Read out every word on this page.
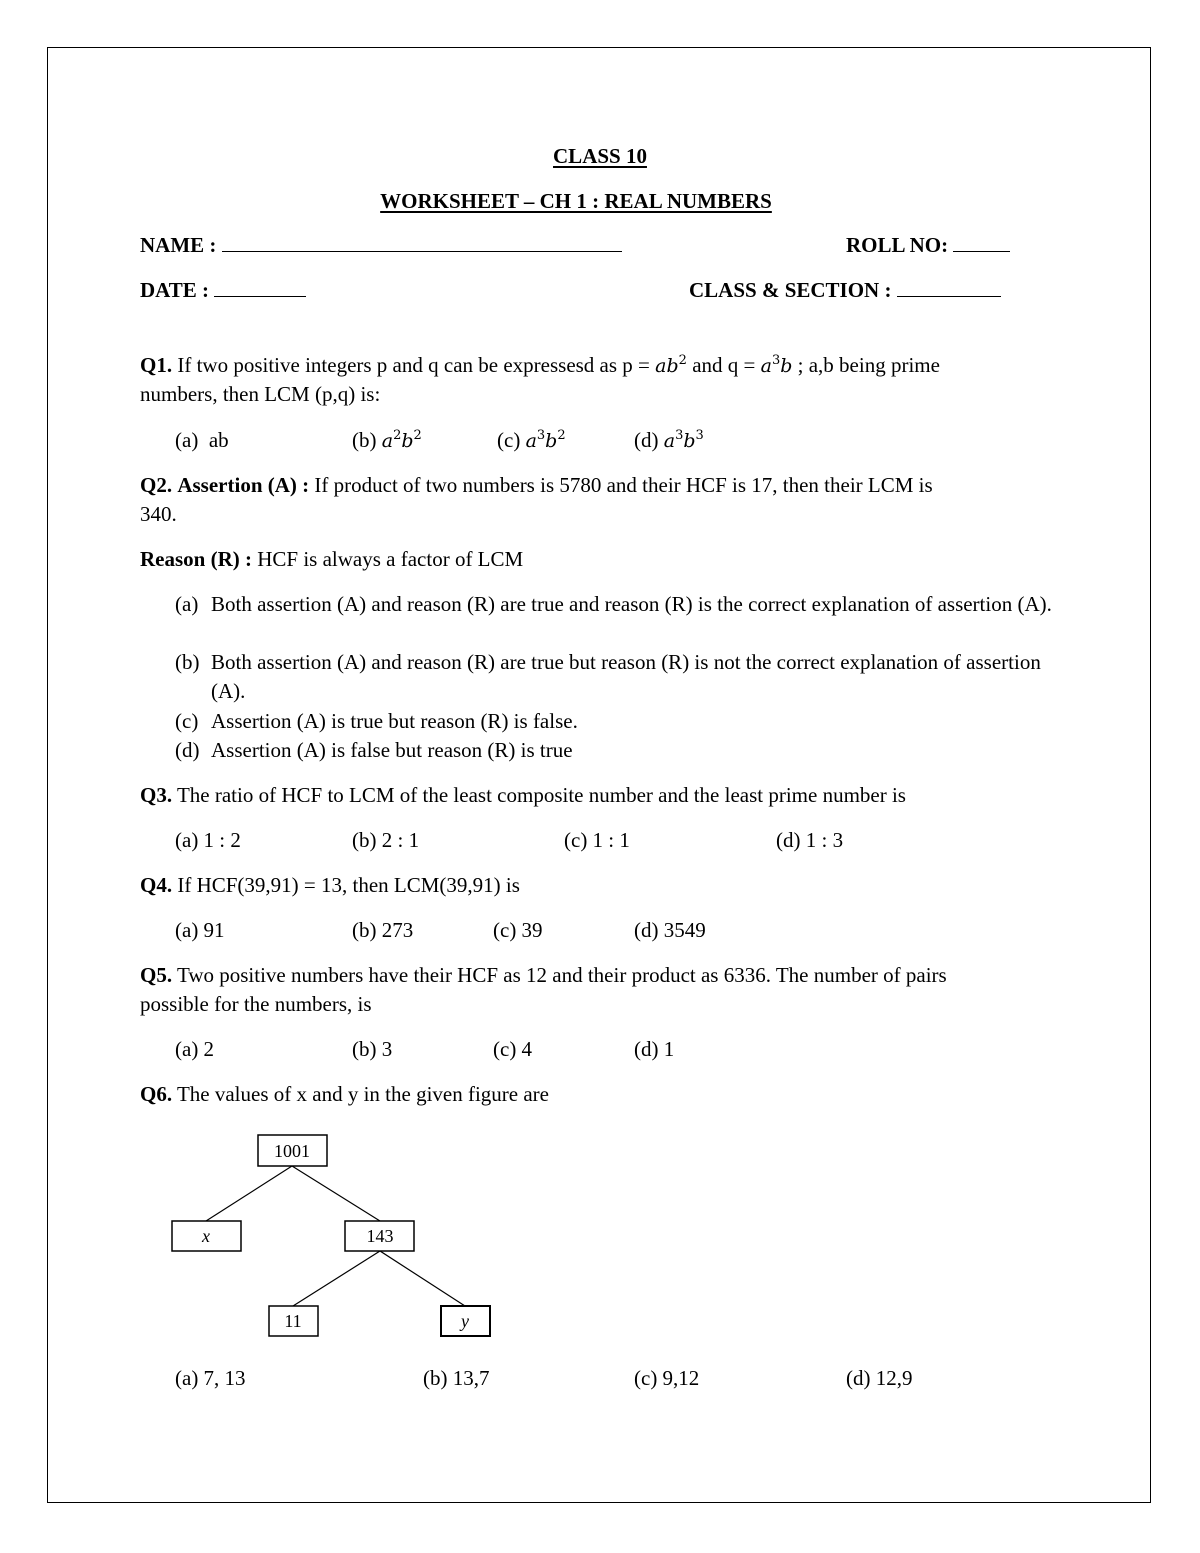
CLASS 10
WORKSHEET – CH 1 : REAL NUMBERS
NAME :	ROLL NO:
DATE :	CLASS & SECTION :
Q1. If two positive integers p and q can be expressesd as $p = ab^2$ and $q = a^3b$ ; a,b being prime
numbers, then LCM (p,q) is:
(a) ab	(b) $a^2b^2$	(c) $a^3b^2$	(d) $a^3b^3$
Q2. Assertion (A) : If product of two numbers is 5780 and their HCF is 17, then their LCM is
340.
Reason (R) : HCF is always a factor of LCM
(a) Both assertion (A) and reason (R) are true and reason (R) is the correct explanation of assertion (A).
(b) Both assertion (A) and reason (R) are true but reason (R) is not the correct explanation of assertion (A).
(c) Assertion (A) is true but reason (R) is false.
(d) Assertion (A) is false but reason (R) is true
Q3. The ratio of HCF to LCM of the least composite number and the least prime number is
(a) 1 : 2	(b) 2 : 1	(c) 1 : 1	(d) 1 : 3
Q4. If HCF(39,91) = 13, then LCM(39,91) is
(a) 91	(b) 273	(c) 39	(d) 3549
Q5. Two positive numbers have their HCF as 12 and their product as 6336. The number of pairs
possible for the numbers, is
(a) 2	(b) 3	(c) 4	(d) 1
Q6. The values of x and y in the given figure are
1001
x	143
11	y
(a) 7, 13	(b) 13,7	(c) 9,12	(d) 12,9
